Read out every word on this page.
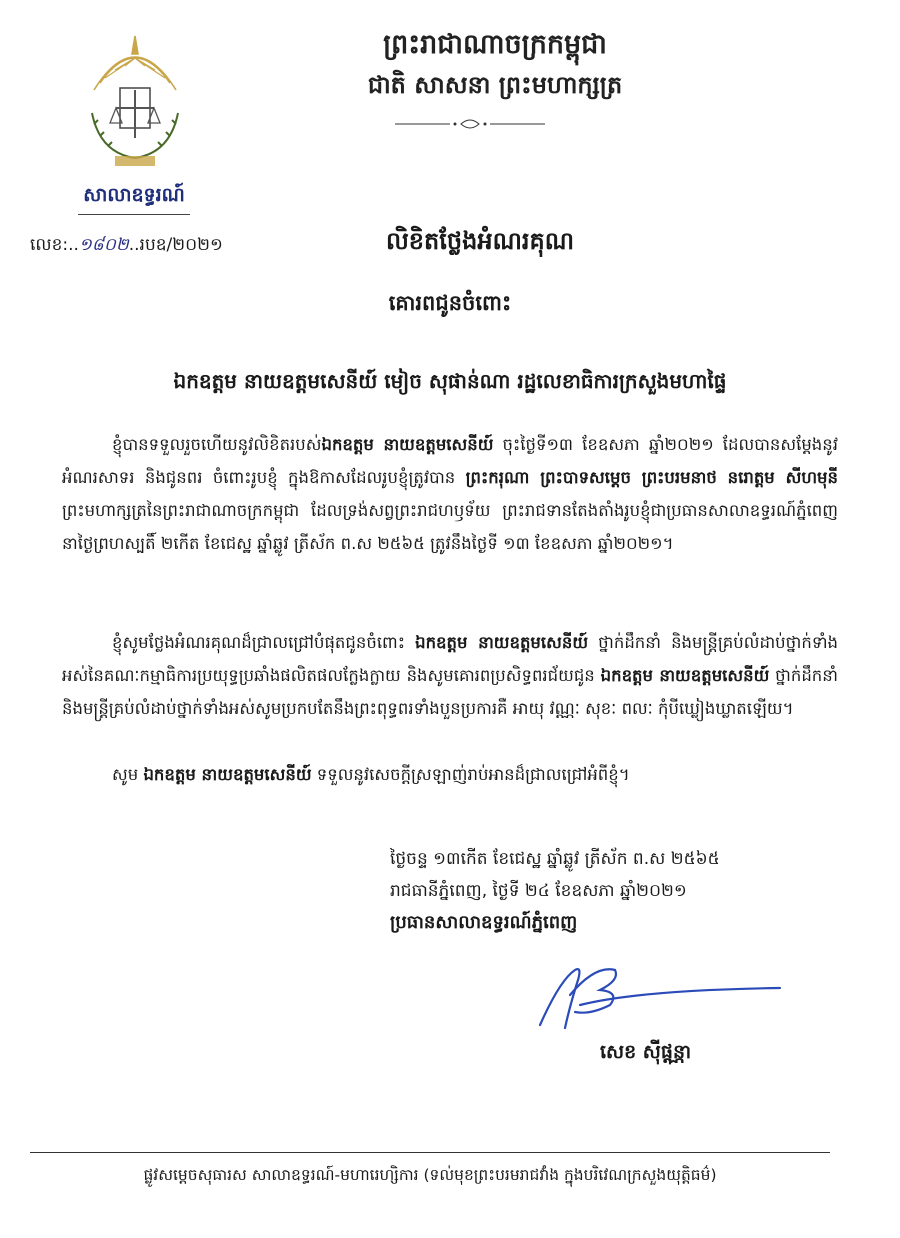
សាលាឧទ្ធរណ៍
លេខ:..១៨០២..របឧ/២០២១
ព្រះរាជាណាចក្រកម្ពុជា
ជាតិ សាសនា ព្រះមហាក្សត្រ
លិខិតថ្លែងអំណរគុណ
គោរពជូនចំពោះ
ឯកឧត្ដម នាយឧត្ដមសេនីយ៍ មៀច សុផាន់ណា រដ្ឋលេខាធិការក្រសួងមហាផ្ទៃ
ខ្ញុំបានទទួលរួចហើយនូវលិខិតរបស់ឯកឧត្ដម នាយឧត្ដមសេនីយ៍ ចុះថ្ងៃទី១៣ ខែឧសភា ឆ្នាំ២០២១ ដែលបានសម្ដែងនូវអំណរសាទរ និងជូនពរ ចំពោះរូបខ្ញុំ ក្នុងឱកាសដែលរូបខ្ញុំត្រូវបាន ព្រះករុណា ព្រះបាទសម្ដេច ព្រះបរមនាថ នរោត្ដម សីហមុនី ព្រះមហាក្សត្រនៃព្រះរាជាណាចក្រកម្ពុជា ដែលទ្រង់សព្វព្រះរាជហឫទ័យ ព្រះរាជទានតែងតាំងរូបខ្ញុំជាប្រធានសាលាឧទ្ធរណ៍ភ្នំពេញ នាថ្ងៃព្រហស្បតិ៍ ២កើត ខែជេស្ឋ ឆ្នាំឆ្លូវ ត្រីស័ក ព.ស ២៥៦៥ ត្រូវនឹងថ្ងៃទី ១៣ ខែឧសភា ឆ្នាំ២០២១។
ខ្ញុំសូមថ្លែងអំណរគុណដ៏ជ្រាលជ្រៅបំផុតជូនចំពោះ ឯកឧត្ដម នាយឧត្ដមសេនីយ៍ ថ្នាក់ដឹកនាំ និងមន្ត្រីគ្រប់លំដាប់ថ្នាក់ទាំងអស់នៃគណៈកម្មាធិការប្រយុទ្ធប្រឆាំងផលិតផលក្លែងក្លាយ និងសូមគោរពប្រសិទ្ធពរជ័យជូន ឯកឧត្ដម នាយឧត្ដមសេនីយ៍ ថ្នាក់ដឹកនាំ និងមន្ត្រីគ្រប់លំដាប់ថ្នាក់ទាំងអស់សូមប្រកបតែនឹងព្រះពុទ្ធពរទាំងបួនប្រការគឺ អាយុ វណ្ណៈ សុខៈ ពលៈ កុំបីឃ្លៀងឃ្លាតឡើយ។
សូម ឯកឧត្ដម នាយឧត្ដមសេនីយ៍ ទទួលនូវសេចក្ដីស្រឡាញ់រាប់អានដ៏ជ្រាលជ្រៅអំពីខ្ញុំ។
ថ្ងៃចន្ទ ១៣កើត ខែជេស្ឋ ឆ្នាំឆ្លូវ ត្រីស័ក ព.ស ២៥៦៥
រាជធានីភ្នំពេញ, ថ្ងៃទី ២៤ ខែឧសភា ឆ្នាំ២០២១
ប្រធានសាលាឧទ្ធរណ៍ភ្នំពេញ
សេខ ស៊ីផុន្ណា
ផ្លូវសម្ដេចសុធារស សាលាឧទ្ធរណ៍-មហារេហ្សិការ (ទល់មុខព្រះបរមរាជវាំង ក្នុងបរិវេណក្រសួងយុត្តិធម៌)
